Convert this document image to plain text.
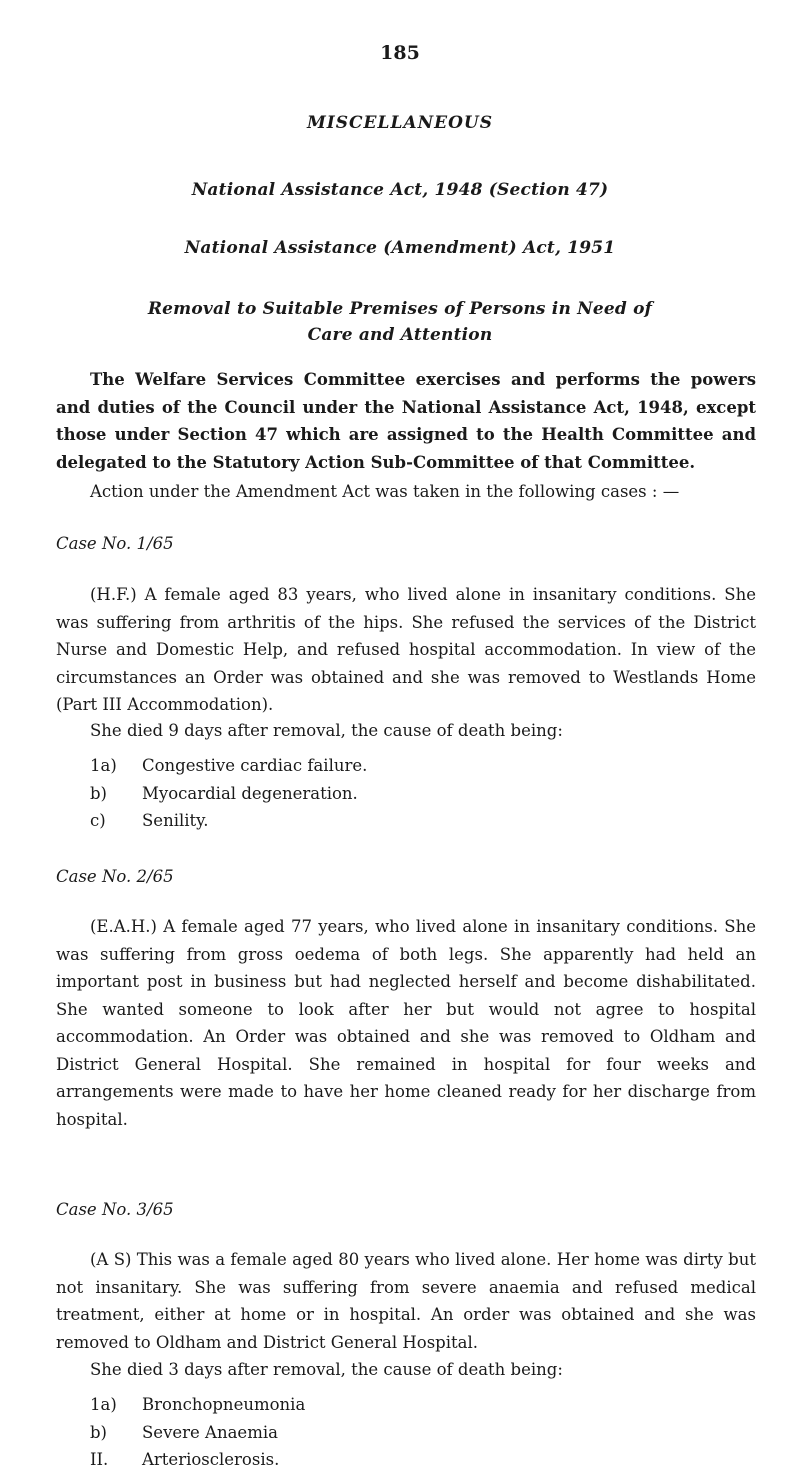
185
MISCELLANEOUS
National Assistance Act, 1948 (Section 47)
National Assistance (Amendment) Act, 1951
Removal to Suitable Premises of Persons in Need of
Care and Attention

The Welfare Services Committee exercises and performs the powers and duties of the Council under the National Assistance Act, 1948, except those under Section 47 which are assigned to the Health Committee and delegated to the Statutory Action Sub-Committee of that Committee.

Action under the Amendment Act was taken in the following cases : —

Case No. 1/65

(H.F.) A female aged 83 years, who lived alone in insanitary conditions. She was suffering from arthritis of the hips. She refused the services of the District Nurse and Domestic Help, and refused hospital accommodation. In view of the circumstances an Order was obtained and she was removed to Westlands Home (Part III Accommodation).

She died 9 days after removal, the cause of death being:

1a)	Congestive cardiac failure.
b)	Myocardial degeneration.
c)	Senility.
Case No. 2/65

(E.A.H.) A female aged 77 years, who lived alone in insanitary conditions. She was suffering from gross oedema of both legs. She apparently had held an important post in business but had neglected herself and become dishabilitated. She wanted someone to look after her but would not agree to hospital accommodation. An Order was obtained and she was removed to Oldham and District General Hospital. She remained in hospital for four weeks and arrangements were made to have her home cleaned ready for her discharge from hospital.

Case No. 3/65

(A S) This was a female aged 80 years who lived alone. Her home was dirty but not insanitary. She was suffering from severe anaemia and refused medical treatment, either at home or in hospital. An order was obtained and she was removed to Oldham and District General Hospital.

She died 3 days after removal, the cause of death being:

1a)	Bronchopneumonia
b)	Severe Anaemia
II.	Arteriosclerosis.
